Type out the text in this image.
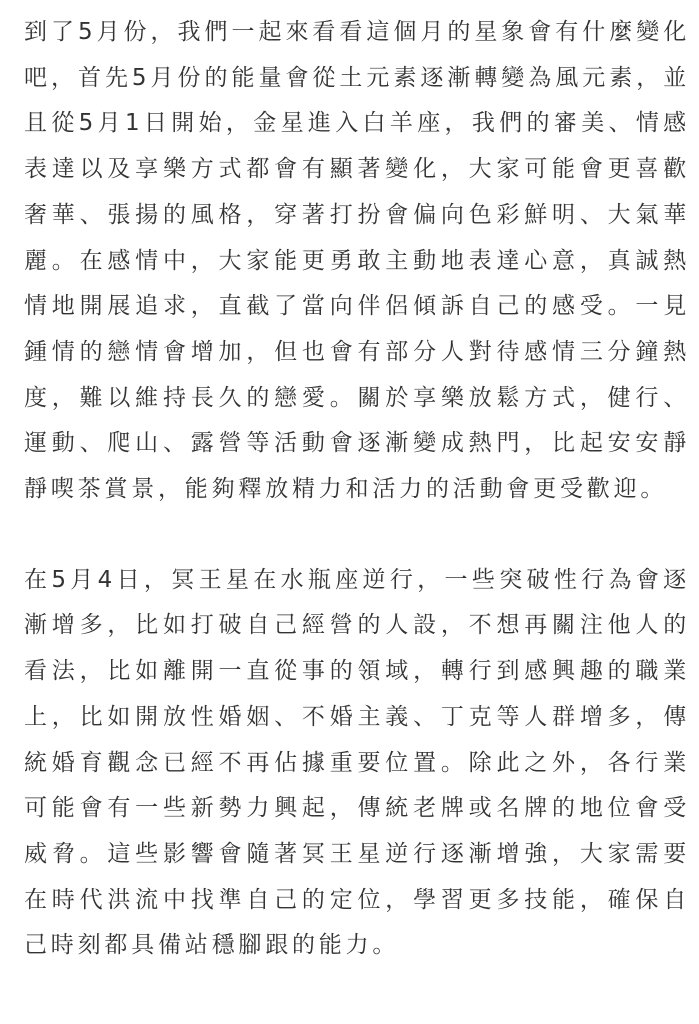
到了5月份，我們一起來看看這個月的星象會有什麼變化吧，首先5月份的能量會從土元素逐漸轉變為風元素，並且從5月1日開始，金星進入白羊座，我們的審美、情感表達以及享樂方式都會有顯著變化，大家可能會更喜歡奢華、張揚的風格，穿著打扮會偏向色彩鮮明、大氣華麗。在感情中，大家能更勇敢主動地表達心意，真誠熱情地開展追求，直截了當向伴侶傾訴自己的感受。一見鍾情的戀情會增加，但也會有部分人對待感情三分鐘熱度，難以維持長久的戀愛。關於享樂放鬆方式，健行、運動、爬山、露營等活動會逐漸變成熱門，比起安安靜靜喫茶賞景，能夠釋放精力和活力的活動會更受歡迎。

在5月4日，冥王星在水瓶座逆行，一些突破性行為會逐漸增多，比如打破自己經營的人設，不想再關注他人的看法，比如離開一直從事的領域，轉行到感興趣的職業上，比如開放性婚姻、不婚主義、丁克等人群增多，傳統婚育觀念已經不再佔據重要位置。除此之外，各行業可能會有一些新勢力興起，傳統老牌或名牌的地位會受威脅。這些影響會隨著冥王星逆行逐漸增強，大家需要在時代洪流中找準自己的定位，學習更多技能，確保自己時刻都具備站穩腳跟的能力。
